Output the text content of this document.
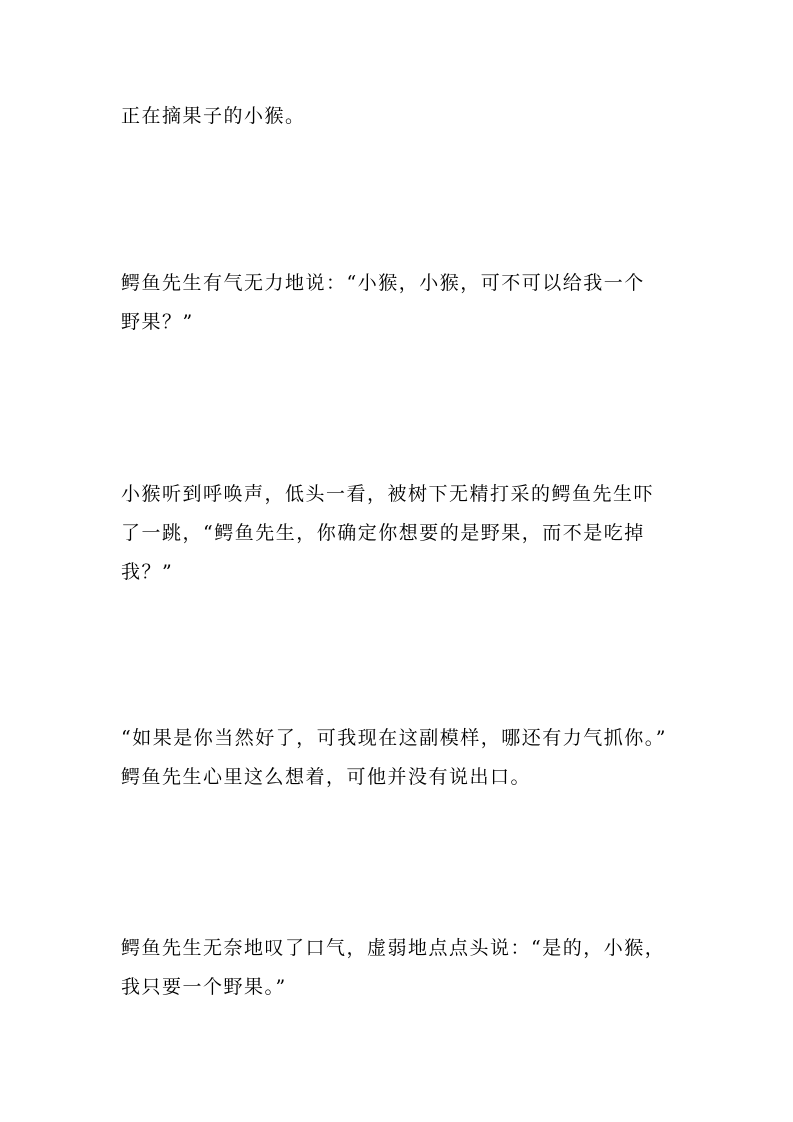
正在摘果子的小猴。

鳄鱼先生有气无力地说：“小猴，小猴，可不可以给我一个
野果？”

小猴听到呼唤声，低头一看，被树下无精打采的鳄鱼先生吓
了一跳，“鳄鱼先生，你确定你想要的是野果，而不是吃掉
我？”

“如果是你当然好了，可我现在这副模样，哪还有力气抓你。”
鳄鱼先生心里这么想着，可他并没有说出口。

鳄鱼先生无奈地叹了口气，虚弱地点点头说：“是的，小猴，
我只要一个野果。”
